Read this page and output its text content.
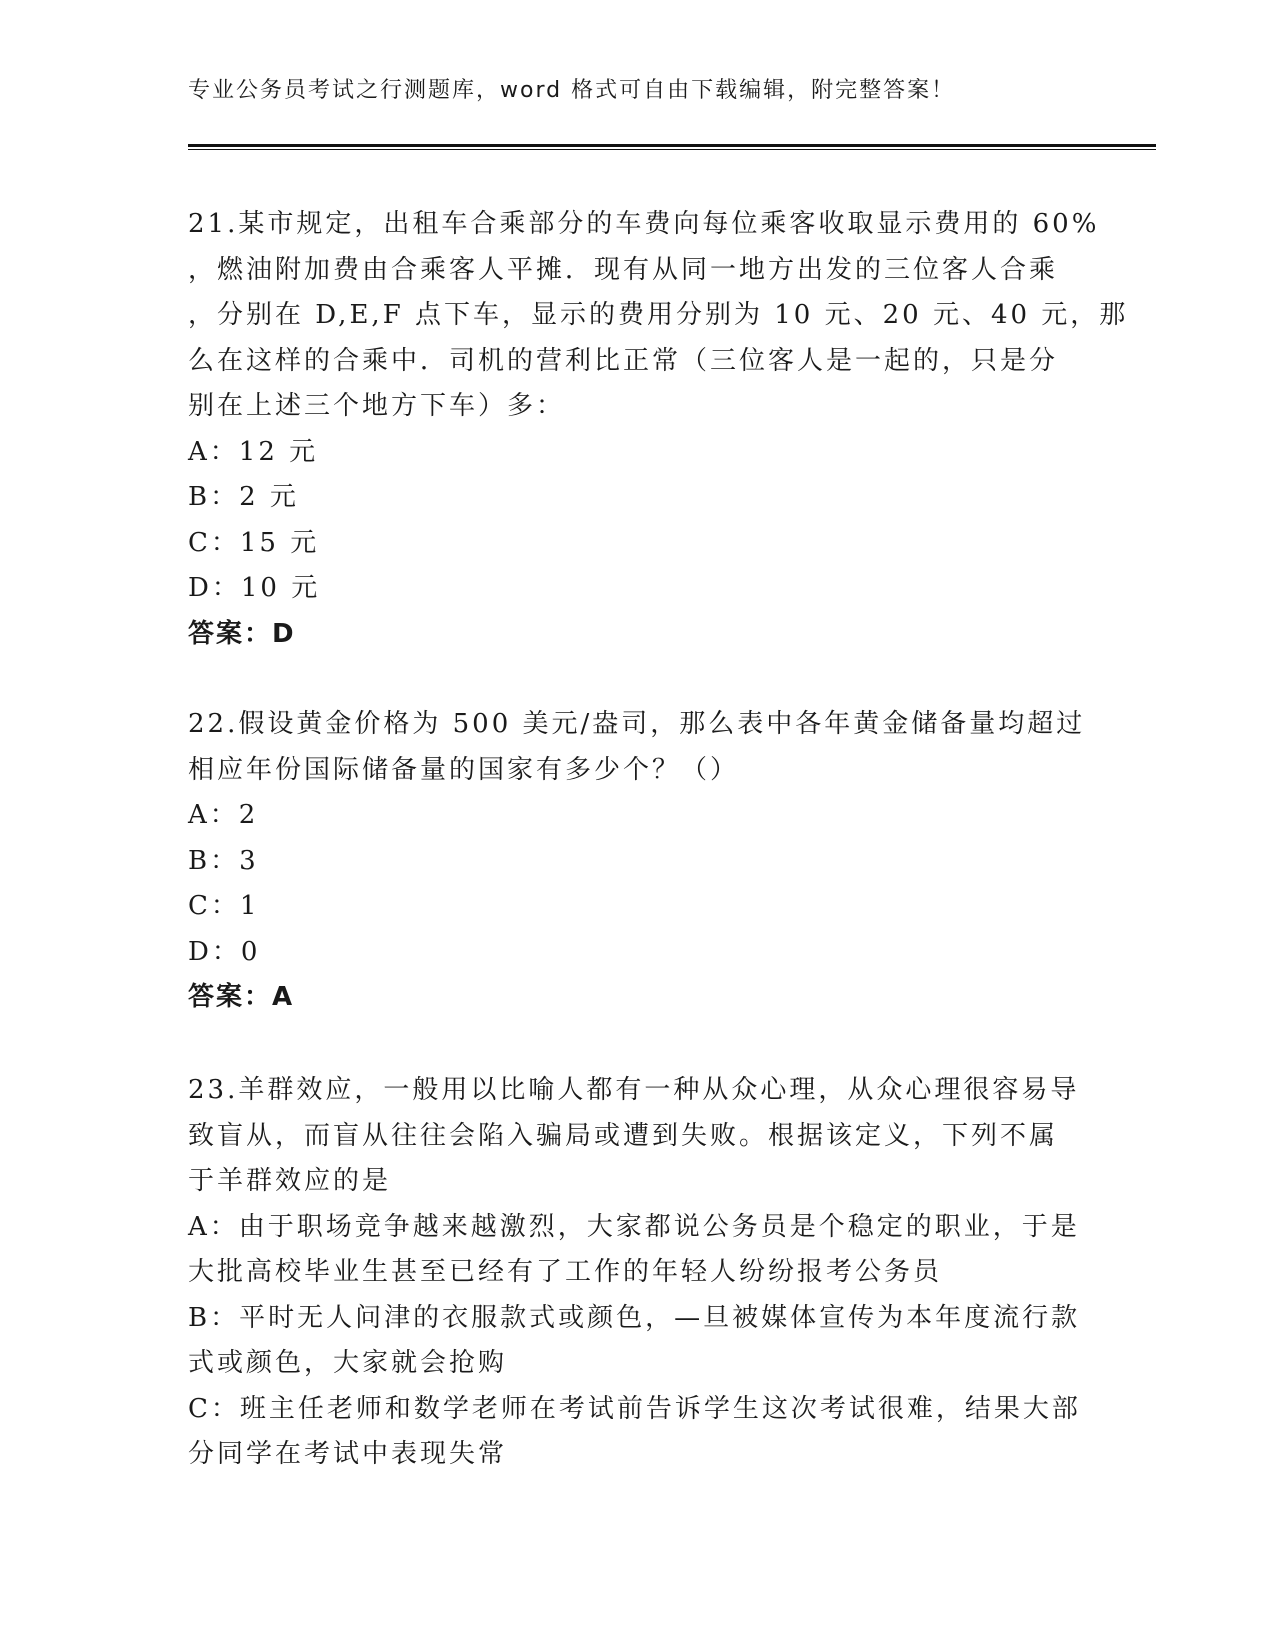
专业公务员考试之行测题库，word 格式可自由下载编辑，附完整答案！
21.某市规定，出租车合乘部分的车费向每位乘客收取显示费用的 60%
，燃油附加费由合乘客人平摊．现有从同一地方出发的三位客人合乘
，分别在 D,E,F 点下车，显示的费用分别为 10 元、20 元、40 元，那
么在这样的合乘中．司机的营利比正常（三位客人是一起的，只是分
别在上述三个地方下车）多：
A：12 元
B：2 元
C：15 元
D：10 元
答案：D
22.假设黄金价格为 500 美元/盎司，那么表中各年黄金储备量均超过
相应年份国际储备量的国家有多少个？（）
A：2
B：3
C：1
D：0
答案：A
23.羊群效应，一般用以比喻人都有一种从众心理，从众心理很容易导
致盲从，而盲从往往会陷入骗局或遭到失败。根据该定义，下列不属
于羊群效应的是
A：由于职场竞争越来越激烈，大家都说公务员是个稳定的职业，于是
大批高校毕业生甚至已经有了工作的年轻人纷纷报考公务员
B：平时无人问津的衣服款式或颜色，—旦被媒体宣传为本年度流行款
式或颜色，大家就会抢购
C：班主任老师和数学老师在考试前告诉学生这次考试很难，结果大部
分同学在考试中表现失常
